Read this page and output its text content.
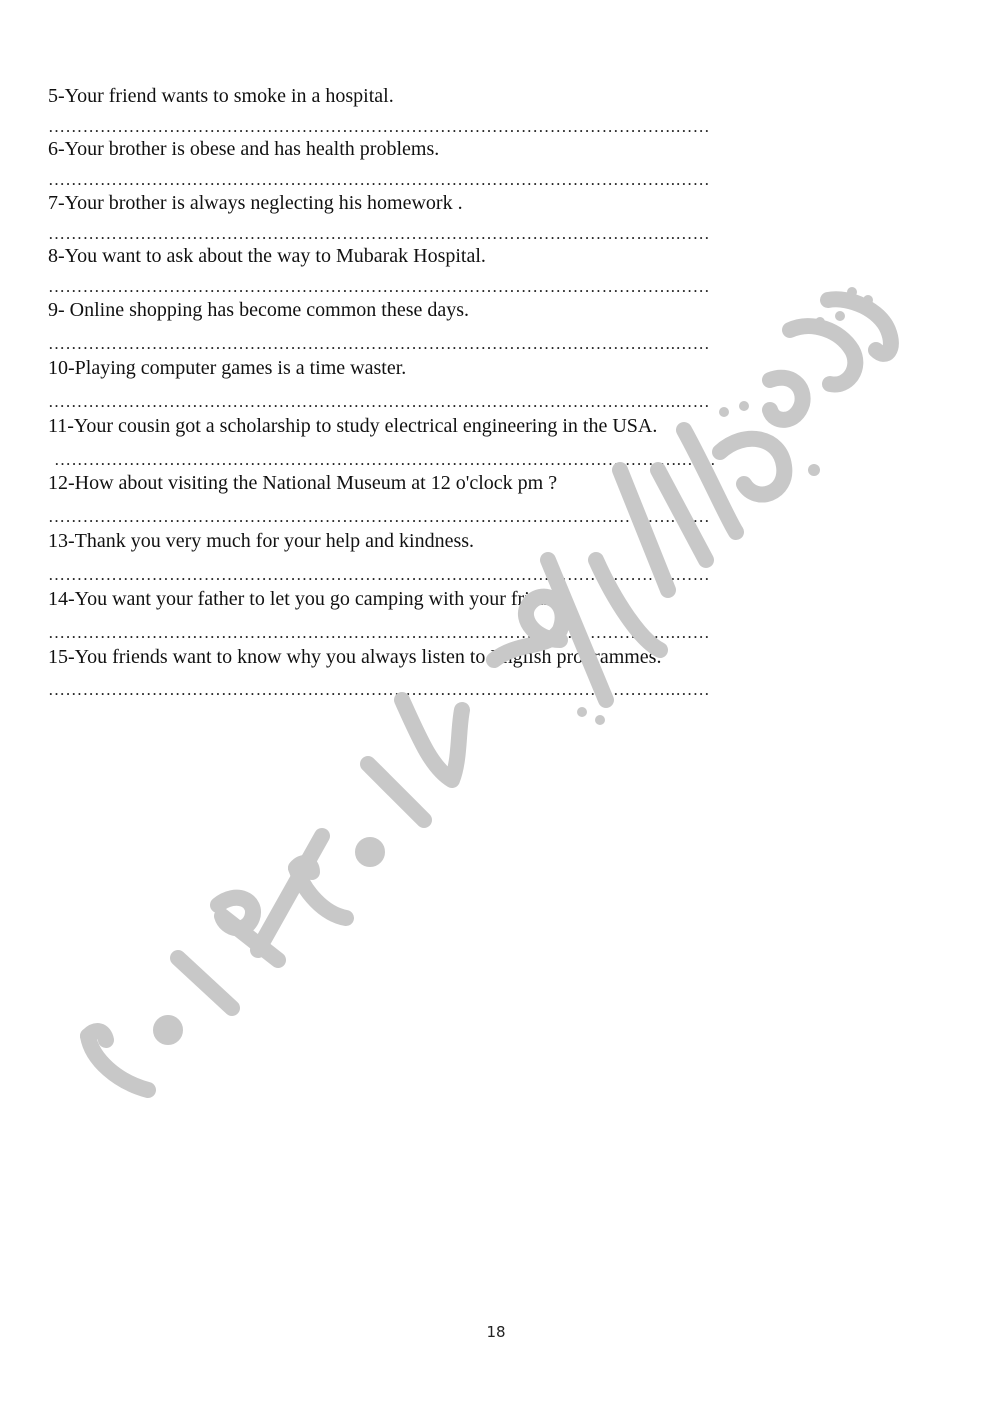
5-Your friend wants to smoke in a hospital.
……………………………………………………………………………………………….……
6-Your brother is obese and has health problems.
……………………………………………………………………………………………….……
7-Your brother is always neglecting his homework .
……………………………………………………………………………………………….……
8-You want to ask about the way to Mubarak Hospital.
……………………………………………………………………………………………….……
9- Online shopping has become common these days.
……………………………………………………………………………………………….……
10-Playing computer games is a time waster.
……………………………………………………………………………………………….……
11-Your cousin got a scholarship to study electrical engineering in the USA.
……………………………………………………………………………………………….……
12-How about visiting the National Museum at 12 o'clock pm ?
……………………………………………………………………………………………….……
13-Thank you very much for your help and kindness.
……………………………………………………………………………………………….……
14-You want your father to let you go camping with your friends.
……………………………………………………………………………………………….……
15-You friends want to know why you always listen to English programmes.
……………………………………………………………………………………………….……
18
